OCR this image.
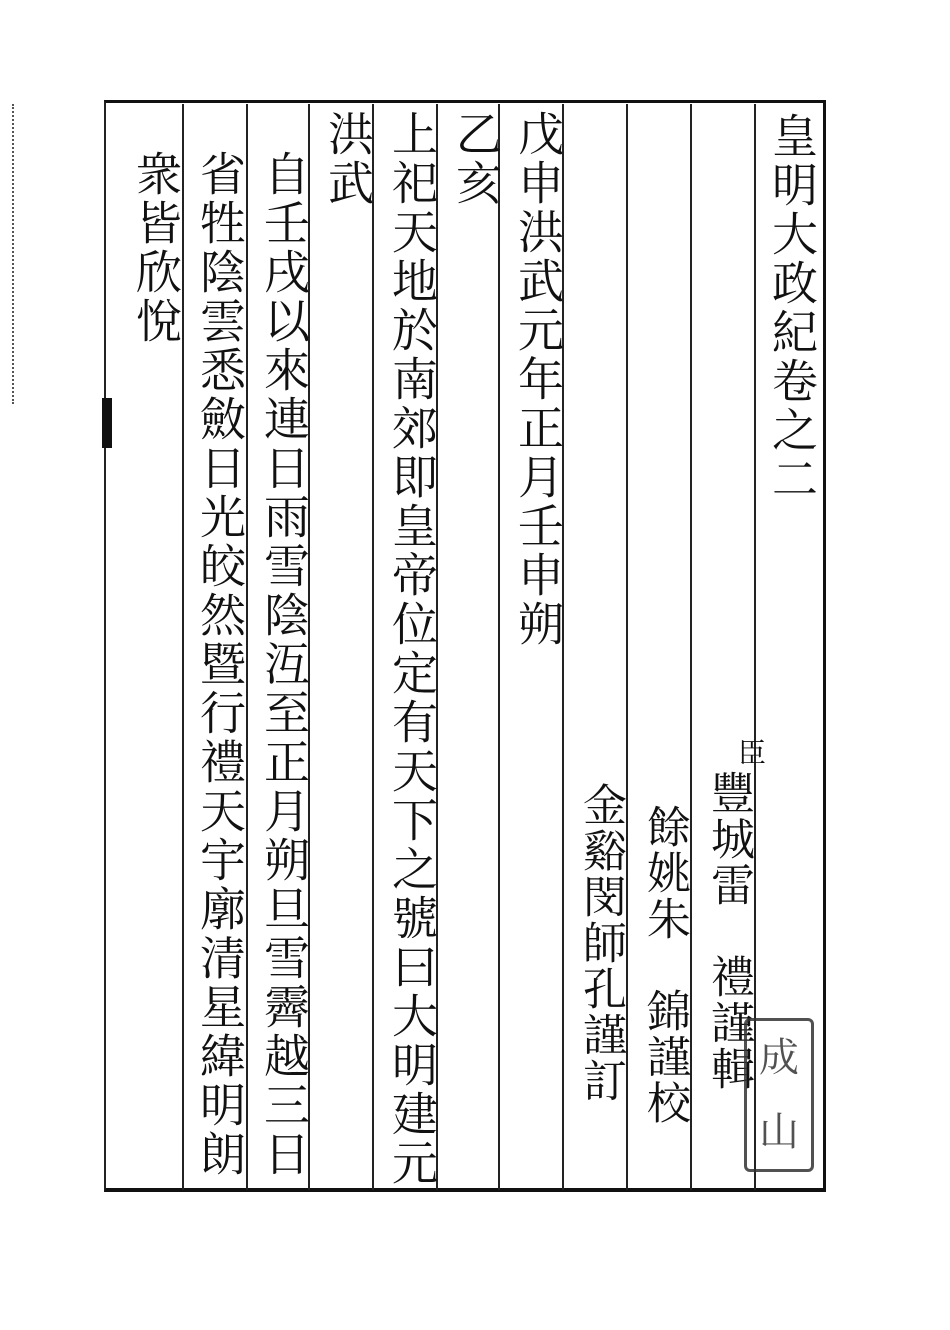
皇明大政紀卷之二
臣
豐城雷　禮謹輯
餘姚朱　錦謹校
金谿閔師孔謹訂
戊申洪武元年正月壬申朔
乙亥
上祀天地於南郊即皇帝位定有天下之號曰大明建元
洪武
自壬戌以來連日雨雪陰沍至正月朔旦雪霽越三日
省牲陰雲悉斂日光皎然暨行禮天宇廓清星緯明朗
衆皆欣悅
成
山
